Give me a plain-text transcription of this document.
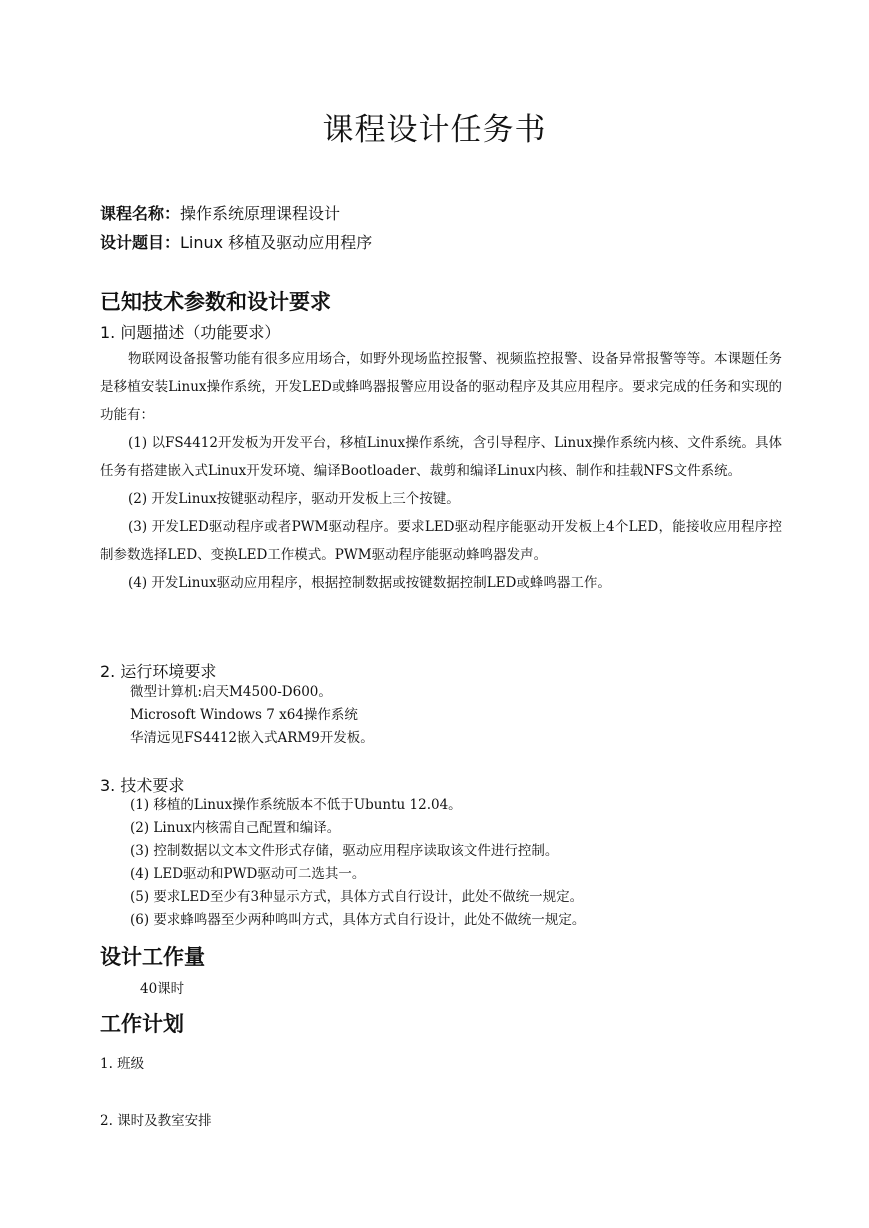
课程设计任务书
课程名称：操作系统原理课程设计
设计题目：Linux 移植及驱动应用程序
已知技术参数和设计要求
1. 问题描述（功能要求）

物联网设备报警功能有很多应用场合，如野外现场监控报警、视频监控报警、设备异常报警等等。本课题任务是移植安装Linux操作系统，开发LED或蜂鸣器报警应用设备的驱动程序及其应用程序。要求完成的任务和实现的功能有：

(1) 以FS4412开发板为开发平台，移植Linux操作系统，含引导程序、Linux操作系统内核、文件系统。具体任务有搭建嵌入式Linux开发环境、编译Bootloader、裁剪和编译Linux内核、制作和挂载NFS文件系统。

(2) 开发Linux按键驱动程序，驱动开发板上三个按键。

(3) 开发LED驱动程序或者PWM驱动程序。要求LED驱动程序能驱动开发板上4个LED，能接收应用程序控制参数选择LED、变换LED工作模式。PWM驱动程序能驱动蜂鸣器发声。

(4) 开发Linux驱动应用程序，根据控制数据或按键数据控制LED或蜂鸣器工作。

2. 运行环境要求
微型计算机:启天M4500-D600。
Microsoft Windows 7 x64操作系统
华清远见FS4412嵌入式ARM9开发板。
3. 技术要求
(1) 移植的Linux操作系统版本不低于Ubuntu 12.04。
(2) Linux内核需自己配置和编译。
(3) 控制数据以文本文件形式存储，驱动应用程序读取该文件进行控制。
(4) LED驱动和PWD驱动可二选其一。
(5) 要求LED至少有3种显示方式，具体方式自行设计，此处不做统一规定。
(6) 要求蜂鸣器至少两种鸣叫方式，具体方式自行设计，此处不做统一规定。
设计工作量
40课时
工作计划
1. 班级
2. 课时及教室安排
